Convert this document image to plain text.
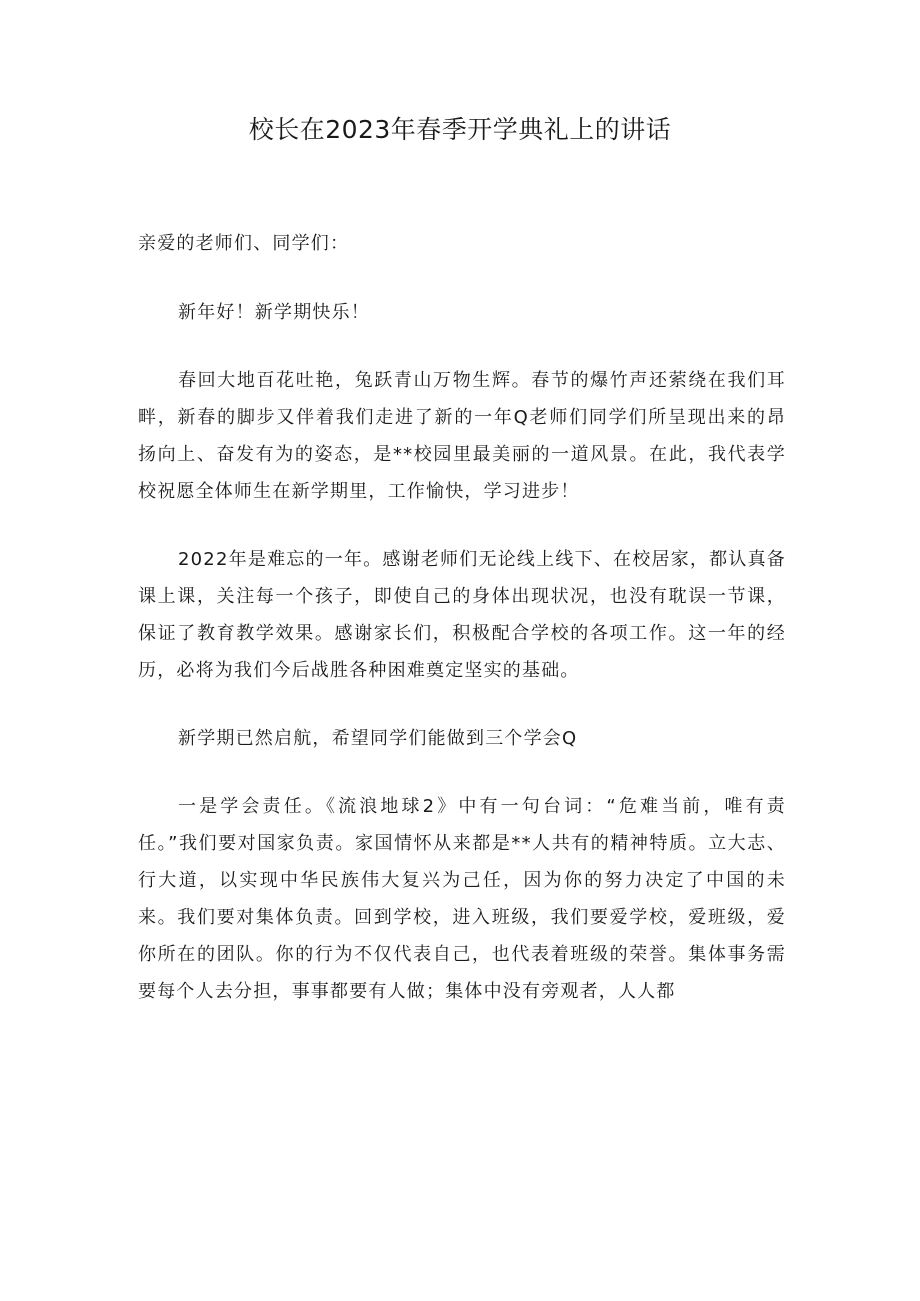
校长在2023年春季开学典礼上的讲话

亲爱的老师们、同学们：

新年好！新学期快乐！

春回大地百花吐艳，兔跃青山万物生辉。春节的爆竹声还萦绕在我们耳畔，新春的脚步又伴着我们走进了新的一年Q老师们同学们所呈现出来的昂扬向上、奋发有为的姿态，是**校园里最美丽的一道风景。在此，我代表学校祝愿全体师生在新学期里，工作愉快，学习进步！

2022年是难忘的一年。感谢老师们无论线上线下、在校居家，都认真备课上课，关注每一个孩子，即使自己的身体出现状况，也没有耽误一节课，保证了教育教学效果。感谢家长们，积极配合学校的各项工作。这一年的经历，必将为我们今后战胜各种困难奠定坚实的基础。

新学期已然启航，希望同学们能做到三个学会Q

一是学会责任。《流浪地球2》中有一句台词：“危难当前，唯有责任。”我们要对国家负责。家国情怀从来都是**人共有的精神特质。立大志、行大道，以实现中华民族伟大复兴为己任，因为你的努力决定了中国的未来。我们要对集体负责。回到学校，进入班级，我们要爱学校，爱班级，爱你所在的团队。你的行为不仅代表自己，也代表着班级的荣誉。集体事务需要每个人去分担，事事都要有人做；集体中没有旁观者，人人都
